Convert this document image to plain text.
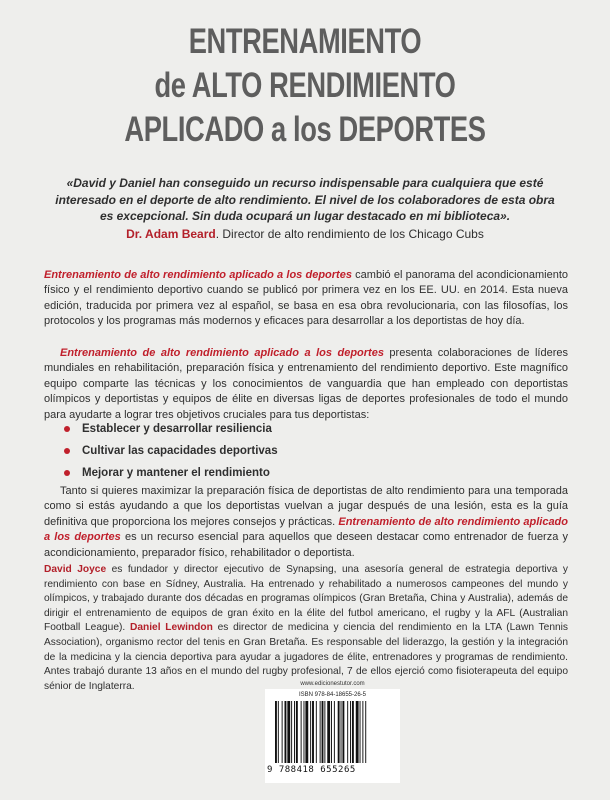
ENTRENAMIENTO
de ALTO RENDIMIENTO
APLICADO a los DEPORTES
«David y Daniel han conseguido un recurso indispensable para cualquiera que esté interesado en el deporte de alto rendimiento. El nivel de los colaboradores de esta obra es excepcional. Sin duda ocupará un lugar destacado en mi biblioteca».
Dr. Adam Beard. Director de alto rendimiento de los Chicago Cubs
Entrenamiento de alto rendimiento aplicado a los deportes cambió el panorama del acondicionamiento físico y el rendimiento deportivo cuando se publicó por primera vez en los EE. UU. en 2014. Esta nueva edición, traducida por primera vez al español, se basa en esa obra revolucionaria, con las filosofías, los protocolos y los programas más modernos y eficaces para desarrollar a los deportistas de hoy día.
Entrenamiento de alto rendimiento aplicado a los deportes presenta colaboraciones de líderes mundiales en rehabilitación, preparación física y entrenamiento del rendimiento deportivo. Este magnífico equipo comparte las técnicas y los conocimientos de vanguardia que han empleado con deportistas olímpicos y deportistas y equipos de élite en diversas ligas de deportes profesionales de todo el mundo para ayudarte a lograr tres objetivos cruciales para tus deportistas:
Establecer y desarrollar resiliencia
Cultivar las capacidades deportivas
Mejorar y mantener el rendimiento
Tanto si quieres maximizar la preparación física de deportistas de alto rendimiento para una temporada como si estás ayudando a que los deportistas vuelvan a jugar después de una lesión, esta es la guía definitiva que proporciona los mejores consejos y prácticas. Entrenamiento de alto rendimiento aplicado a los deportes es un recurso esencial para aquellos que deseen destacar como entrenador de fuerza y acondicionamiento, preparador físico, rehabilitador o deportista.
David Joyce es fundador y director ejecutivo de Synapsing, una asesoría general de estrategia deportiva y rendimiento con base en Sídney, Australia. Ha entrenado y rehabilitado a numerosos campeones del mundo y olímpicos, y trabajado durante dos décadas en programas olímpicos (Gran Bretaña, China y Australia), además de dirigir el entrenamiento de equipos de gran éxito en la élite del futbol americano, el rugby y la AFL (Australian Football League). Daniel Lewindon es director de medicina y ciencia del rendimiento en la LTA (Lawn Tennis Association), organismo rector del tenis en Gran Bretaña. Es responsable del liderazgo, la gestión y la integración de la medicina y la ciencia deportiva para ayudar a jugadores de élite, entrenadores y programas de rendimiento. Antes trabajó durante 13 años en el mundo del rugby profesional, 7 de ellos ejerció como fisioterapeuta del equipo sénior de Inglaterra.	www.edicionestutor.com
ISBN 978-84-18655-26-5
9 788418 655265
